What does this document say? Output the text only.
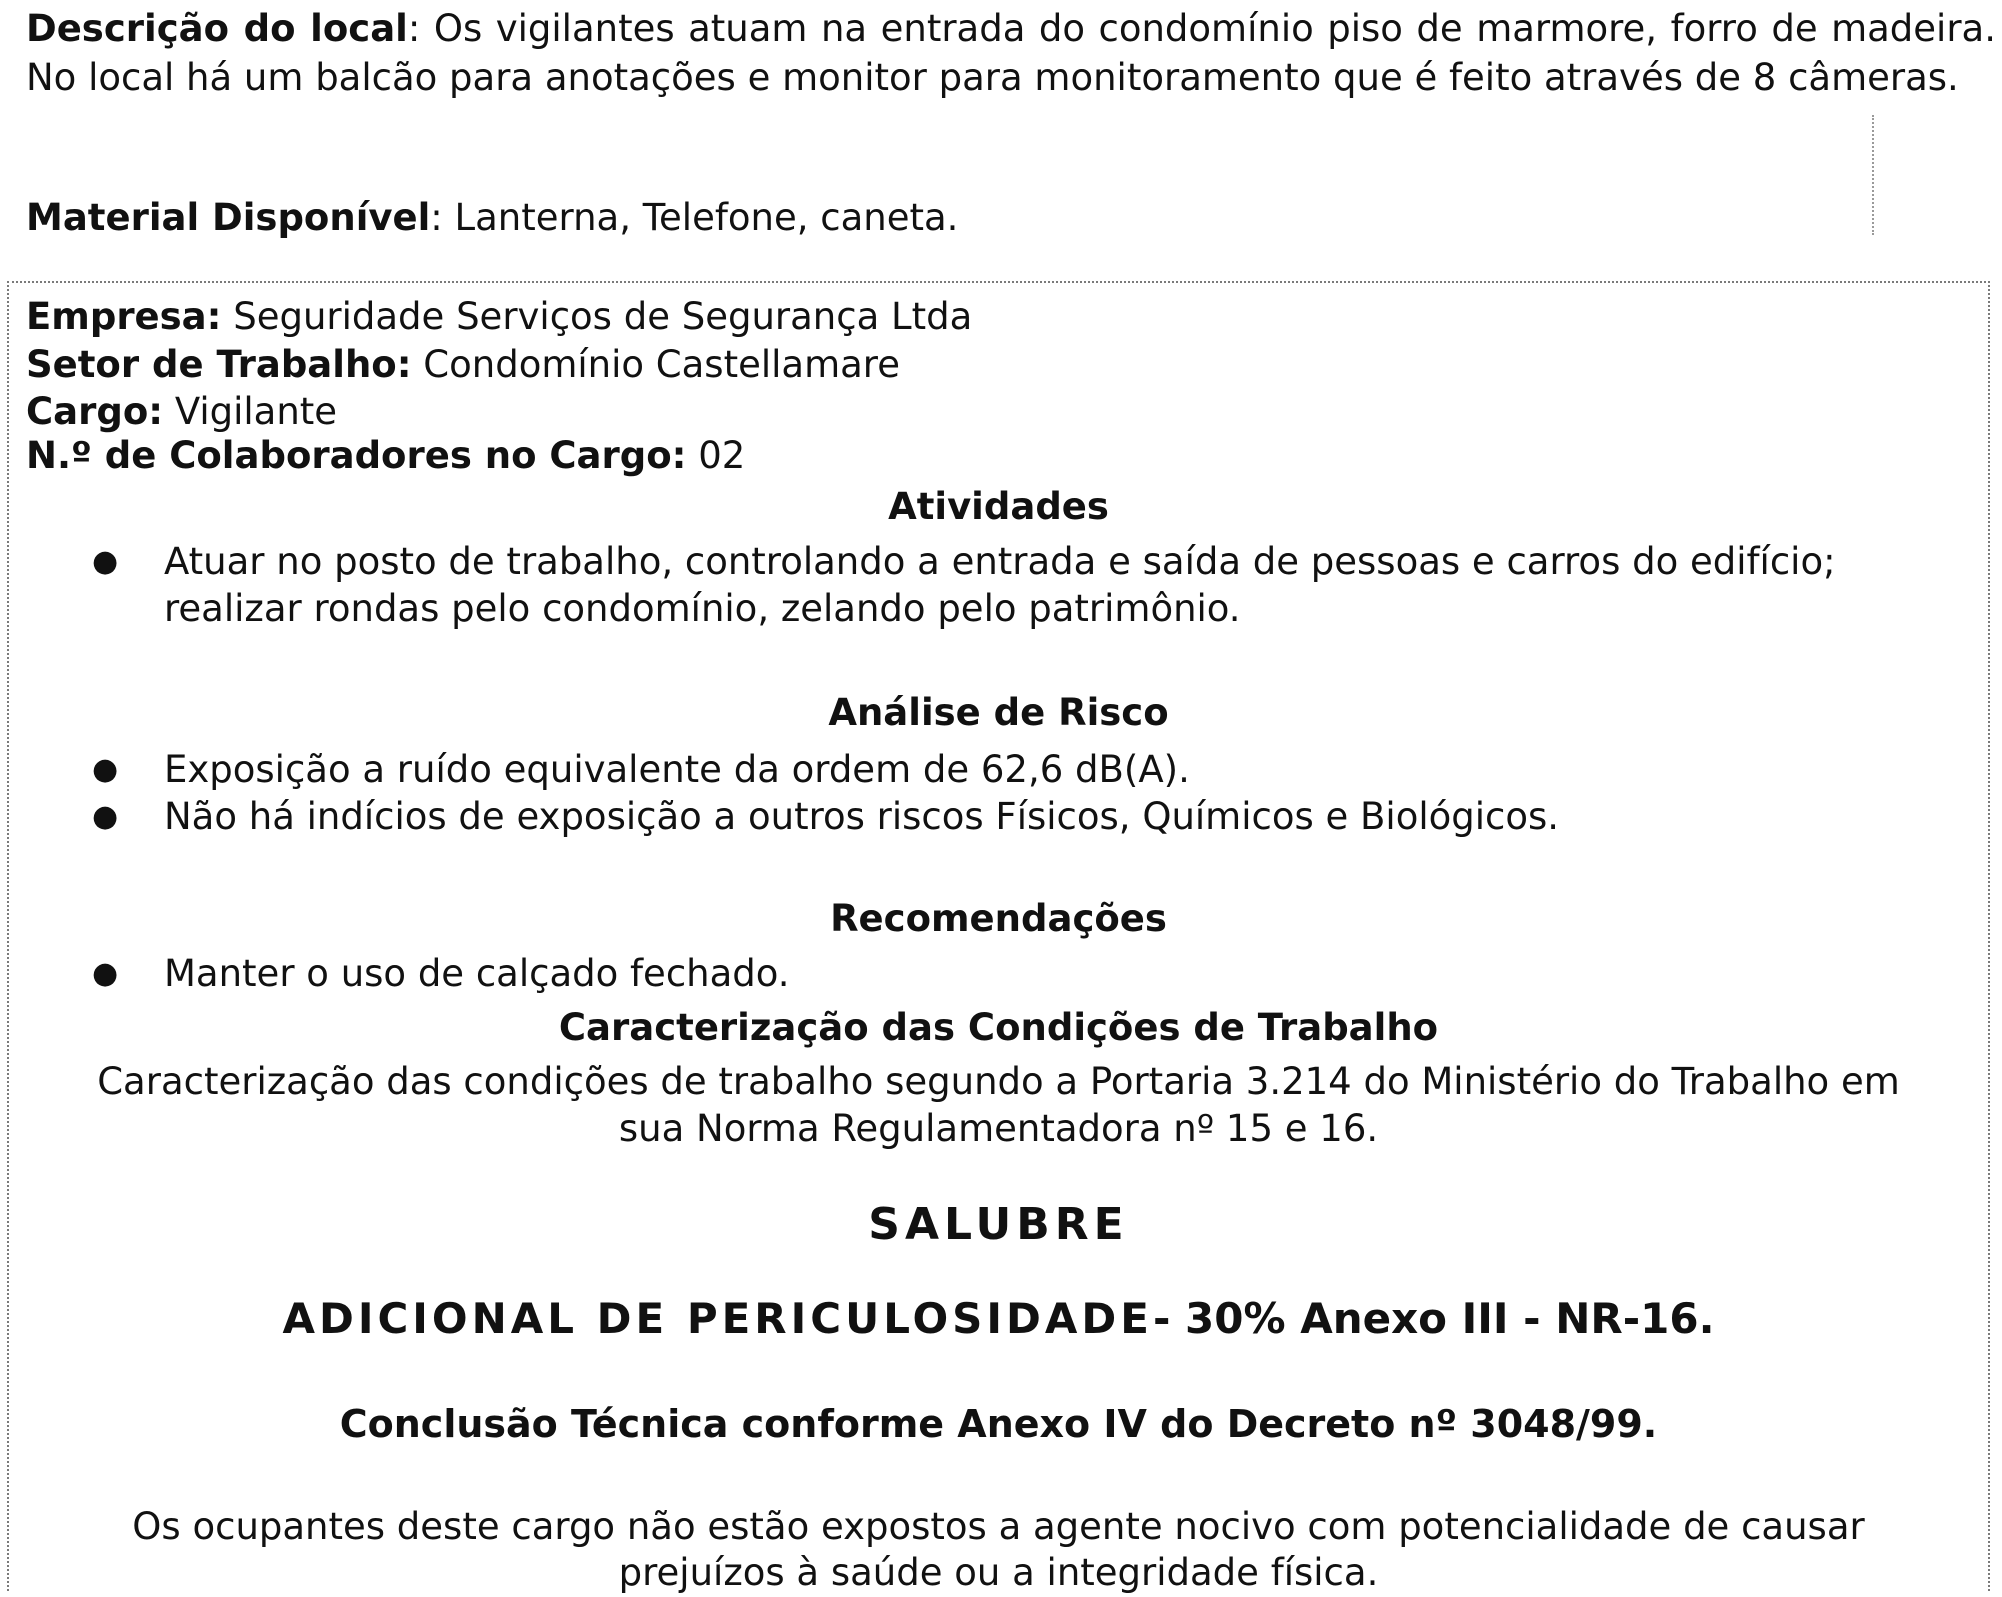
Descrição do local: Os vigilantes atuam na entrada do condomínio piso de marmore, forro de madeira. No local há um balcão para anotações e monitor para monitoramento que é feito através de 8 câmeras.
Material Disponível: Lanterna, Telefone, caneta.
Empresa: Seguridade Serviços de Segurança Ltda
Setor de Trabalho: Condomínio Castellamare
Cargo: Vigilante
N.º de Colaboradores no Cargo: 02
Atividades
● Atuar no posto de trabalho, controlando a entrada e saída de pessoas e carros do edifício; realizar rondas pelo condomínio, zelando pelo patrimônio.
Análise de Risco
● Exposição a ruído equivalente da ordem de 62,6 dB(A).
● Não há indícios de exposição a outros riscos Físicos, Químicos e Biológicos.
Recomendações
● Manter o uso de calçado fechado.
Caracterização das Condições de Trabalho
Caracterização das condições de trabalho segundo a Portaria 3.214 do Ministério do Trabalho em
sua Norma Regulamentadora nº 15 e 16.
SALUBRE
ADICIONAL DE PERICULOSIDADE- 30% Anexo III - NR-16.
Conclusão Técnica conforme Anexo IV do Decreto nº 3048/99.
Os ocupantes deste cargo não estão expostos a agente nocivo com potencialidade de causar
prejuízos à saúde ou a integridade física.
